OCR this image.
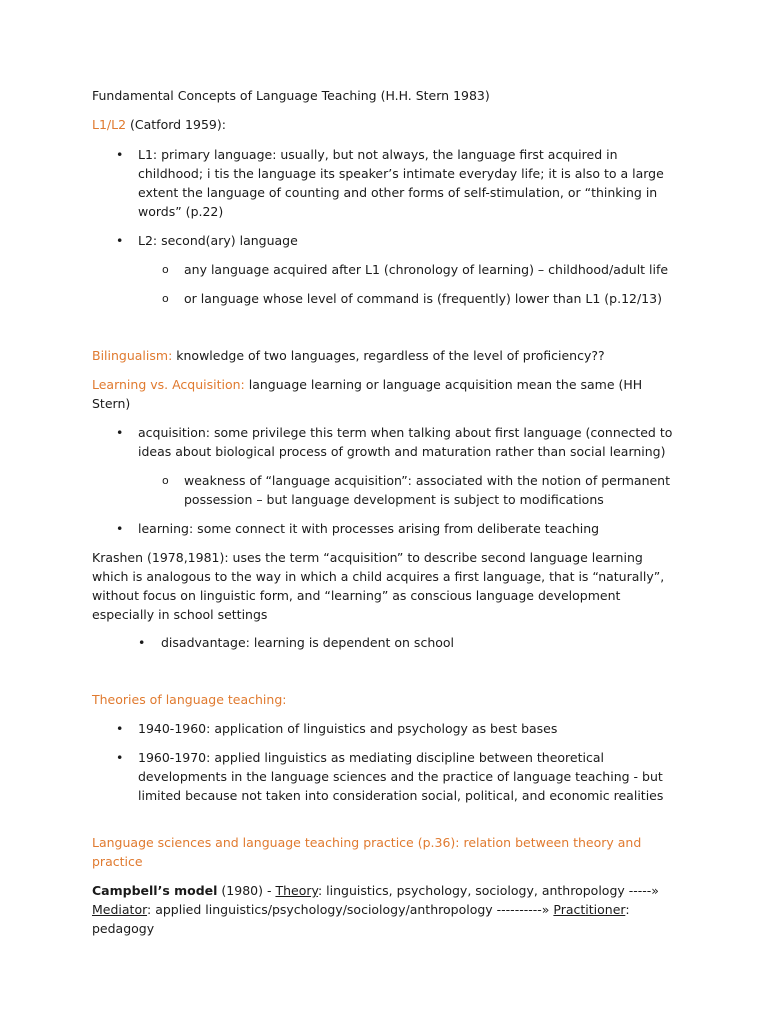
Fundamental Concepts of Language Teaching (H.H. Stern 1983)

L1/L2 (Catford 1959):

• L1: primary language: usually, but not always, the language first acquired in childhood; i tis the language its speaker’s intimate everyday life; it is also to a large extent the language of counting and other forms of self-stimulation, or “thinking in words” (p.22)

• L2: second(ary) language

o any language acquired after L1 (chronology of learning) – childhood/adult life

o or language whose level of command is (frequently) lower than L1 (p.12/13)

Bilingualism: knowledge of two languages, regardless of the level of proficiency??

Learning vs. Acquisition: language learning or language acquisition mean the same (HH Stern)

• acquisition: some privilege this term when talking about first language (connected to ideas about biological process of growth and maturation rather than social learning)

o weakness of “language acquisition”: associated with the notion of permanent possession – but language development is subject to modifications

• learning: some connect it with processes arising from deliberate teaching

Krashen (1978,1981): uses the term “acquisition” to describe second language learning which is analogous to the way in which a child acquires a first language, that is “naturally”, without focus on linguistic form, and “learning” as conscious language development especially in school settings

• disadvantage: learning is dependent on school

Theories of language teaching:

• 1940-1960: application of linguistics and psychology as best bases

• 1960-1970: applied linguistics as mediating discipline between theoretical developments in the language sciences and the practice of language teaching - but limited because not taken into consideration social, political, and economic realities

Language sciences and language teaching practice (p.36): relation between theory and practice

Campbell’s model (1980) - Theory: linguistics, psychology, sociology, anthropology -----» Mediator: applied linguistics/psychology/sociology/anthropology ----------» Practitioner: pedagogy
